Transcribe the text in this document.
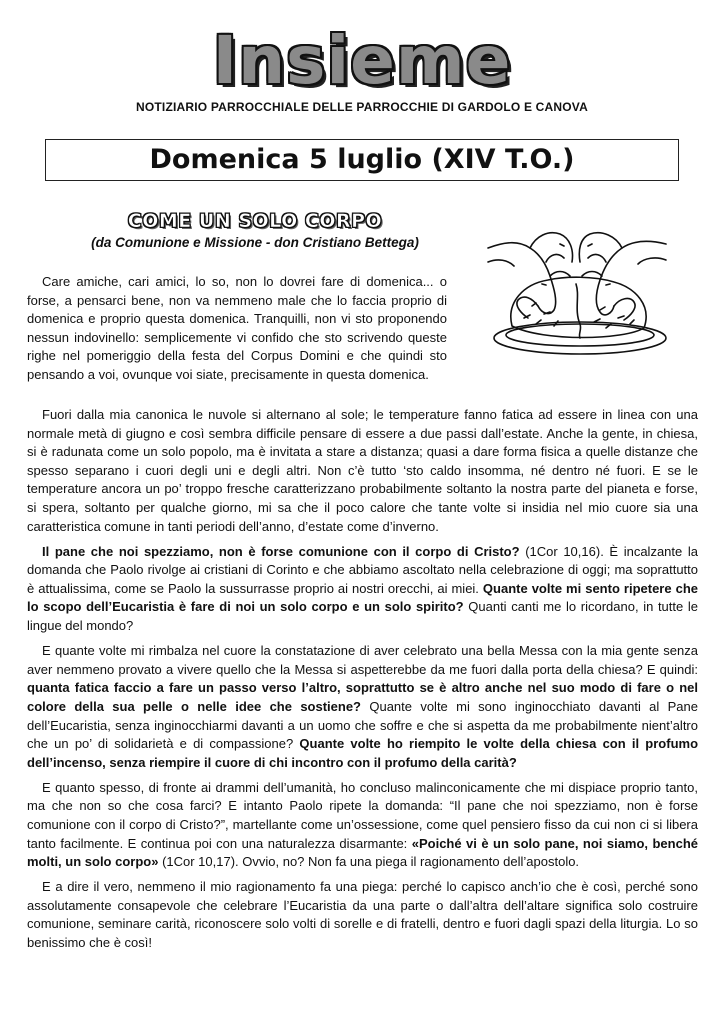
Insieme
NOTIZIARIO PARROCCHIALE DELLE PARROCCHIE DI GARDOLO E CANOVA
Domenica 5 luglio (XIV T.O.)
COME UN SOLO CORPO
(da Comunione e Missione - don Cristiano Bettega)

Care amiche, cari amici, lo so, non lo dovrei fare di domenica... o forse, a pensarci bene, non va nemmeno male che lo faccia proprio di domenica e proprio questa domenica. Tranquilli, non vi sto proponendo nessun indovinello: semplicemente vi confido che sto scrivendo queste righe nel pomeriggio della festa del Corpus Domini e che quindi sto pensando a voi, ovunque voi siate, precisamente in questa domenica.

Fuori dalla mia canonica le nuvole si alternano al sole; le temperature fanno fatica ad essere in linea con una normale metà di giugno e così sembra difficile pensare di essere a due passi dall’estate. Anche la gente, in chiesa, si è radunata come un solo popolo, ma è invitata a stare a distanza; quasi a dare forma fisica a quelle distanze che spesso separano i cuori degli uni e degli altri. Non c’è tutto ‘sto caldo insomma, né dentro né fuori. E se le temperature ancora un po’ troppo fresche caratterizzano probabilmente soltanto la nostra parte del pianeta e forse, si spera, soltanto per qualche giorno, mi sa che il poco calore che tante volte si insidia nel mio cuore sia una caratteristica comune in tanti periodi dell’anno, d’estate come d’inverno.

Il pane che noi spezziamo, non è forse comunione con il corpo di Cristo? (1Cor 10,16). È incalzante la domanda che Paolo rivolge ai cristiani di Corinto e che abbiamo ascoltato nella celebrazione di oggi; ma soprattutto è attualissima, come se Paolo la sussurrasse proprio ai nostri orecchi, ai miei. Quante volte mi sento ripetere che lo scopo dell’Eucaristia è fare di noi un solo corpo e un solo spirito? Quanti canti me lo ricordano, in tutte le lingue del mondo?

E quante volte mi rimbalza nel cuore la constatazione di aver celebrato una bella Messa con la mia gente senza aver nemmeno provato a vivere quello che la Messa si aspetterebbe da me fuori dalla porta della chiesa? E quindi: quanta fatica faccio a fare un passo verso l’altro, soprattutto se è altro anche nel suo modo di fare o nel colore della sua pelle o nelle idee che sostiene? Quante volte mi sono inginocchiato davanti al Pane dell’Eucaristia, senza inginocchiarmi davanti a un uomo che soffre e che si aspetta da me probabilmente nient’altro che un po’ di solidarietà e di compassione? Quante volte ho riempito le volte della chiesa con il profumo dell’incenso, senza riempire il cuore di chi incontro con il profumo della carità?

E quanto spesso, di fronte ai drammi dell’umanità, ho concluso malinconicamente che mi dispiace proprio tanto, ma che non so che cosa farci? E intanto Paolo ripete la domanda: “Il pane che noi spezziamo, non è forse comunione con il corpo di Cristo?”, martellante come un’ossessione, come quel pensiero fisso da cui non ci si libera tanto facilmente. E continua poi con una naturalezza disarmante: «Poiché vi è un solo pane, noi siamo, benché molti, un solo corpo» (1Cor 10,17). Ovvio, no? Non fa una piega il ragionamento dell’apostolo.

E a dire il vero, nemmeno il mio ragionamento fa una piega: perché lo capisco anch’io che è così, perché sono assolutamente consapevole che celebrare l’Eucaristia da una parte o dall’altra dell’altare significa solo costruire comunione, seminare carità, riconoscere solo volti di sorelle e di fratelli, dentro e fuori dagli spazi della liturgia. Lo so benissimo che è così!
